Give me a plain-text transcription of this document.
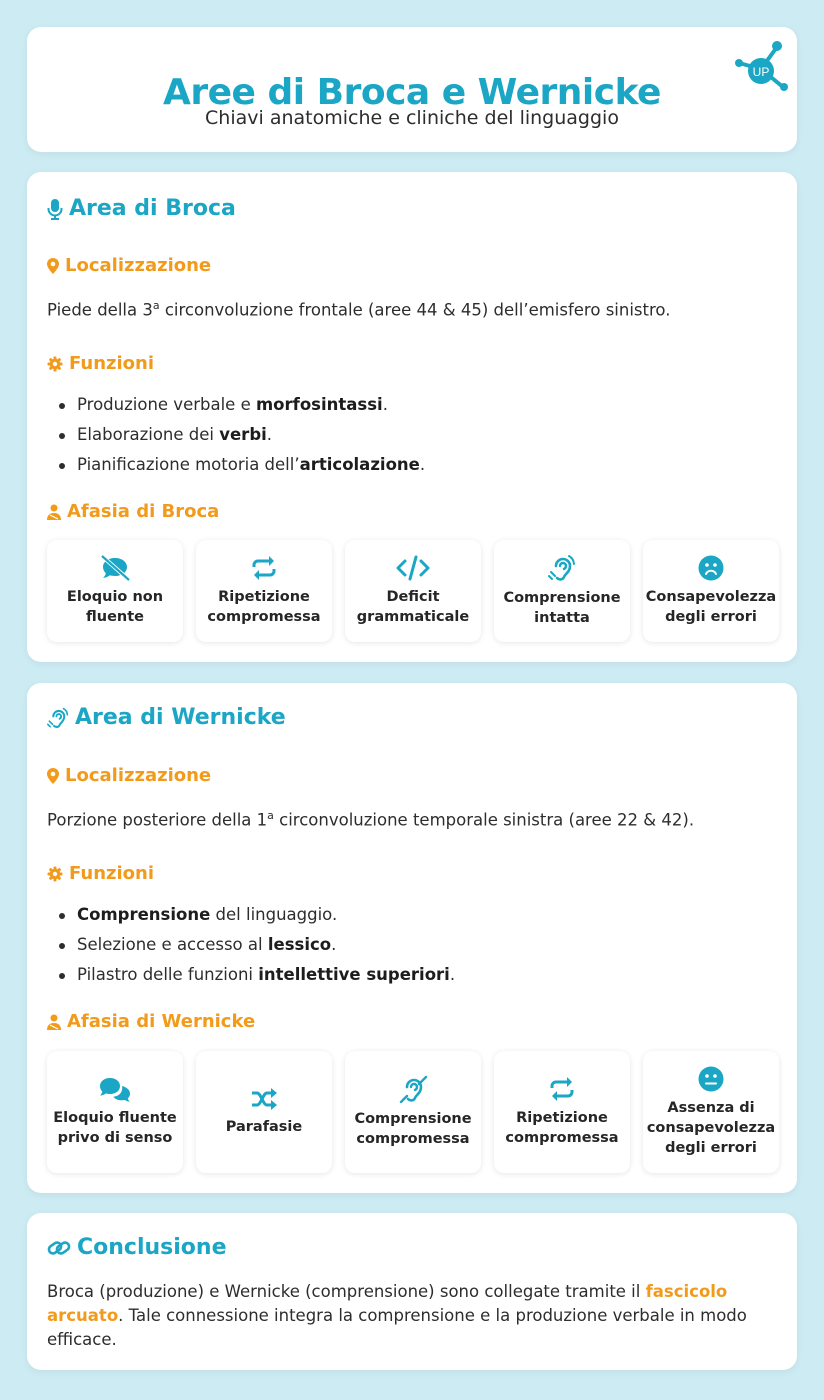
Aree di Broca e Wernicke
Chiavi anatomiche e cliniche del linguaggio
UP
Area di Broca
Localizzazione
Piede della 3$^a$ circonvoluzione frontale (aree 44 & 45) dell’emisfero sinistro.
Funzioni
Produzione verbale e morfosintassi.
Elaborazione dei verbi.
Pianificazione motoria dell’articolazione.
Afasia di Broca
Eloquio non fluente
Ripetizione compromessa
Deficit grammaticale
Comprensione intatta
Consapevolezza degli errori
Area di Wernicke
Localizzazione
Porzione posteriore della 1$^a$ circonvoluzione temporale sinistra (aree 22 & 42).
Funzioni
Comprensione del linguaggio.
Selezione e accesso al lessico.
Pilastro delle funzioni intellettive superiori.
Afasia di Wernicke
Eloquio fluente privo di senso
Parafasie	Comprensione compromessa
Ripetizione compromessa
Assenza di consapevolezza degli errori
Conclusione
Broca (produzione) e Wernicke (comprensione) sono collegate tramite il fascicolo arcuato. Tale connessione integra la comprensione e la produzione verbale in modo efficace.
